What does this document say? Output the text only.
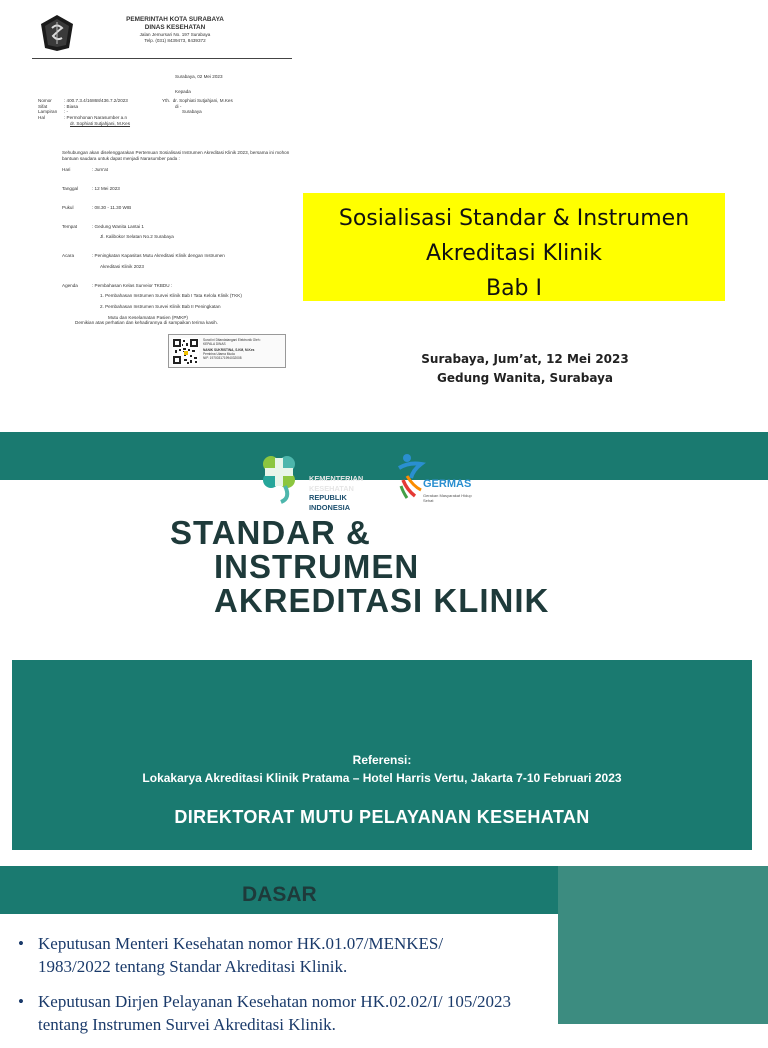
PEMERINTAH KOTA SURABAYA
DINAS KESEHATAN
Jalan Jemursari No. 197 Surabaya
Telp. (031) 8439473, 8439372
Surabaya, 02 Mei 2023
Kepada
Yth. dr. Sophiati Sutjahjani, M.Kes
di -
Surabaya
Nomor	: 400.7.3.4/16868/436.7.2/2023
Sifat	: Biasa
Lampiran	: -
Hal	: Permohonan Narasumber a.n
dr. Sophiati Sutjahjani, M.Kes
Sehubungan akan diselenggarakan Pertemuan Sosialisasi Instrumen Akreditasi Klinik 2023, bersama ini mohon bantuan saudara untuk dapat menjadi Narasumber pada :
Hari	: Jum'at
Tanggal	: 12 Mei 2023
Pukul	: 08.30 - 11.30 WIB
Tempat	: Gedung Wanita Lantai 1
Jl. Kalibokor Selatan No.2 Surabaya
Acara	: Peningkatan Kapasitas Mutu Akreditasi Klinik dengan Instrumen
Akreditasi Klinik 2023
Agenda	: Pembahasan Kelas Surveior TKBDU :
1. Pembahasan Instrumen Survei Klinik Bab I Tata Kelola Klinik (TKK)
2. Pembahasan Instrumen Survei Klinik Bab II Peningkatan
Mutu dan Keselamatan Pasien (PMKP)
Demikian atas perhatian dan kehadirannya di sampaikan terima kasih.
Surat ini Ditandatangani Elektronik Oleh :
KEPALA DINAS
NANIK SUKRISTINA, S.KM, M.Kes
Pembina Utama Muda
NIP. 197003171994032008
Sosialisasi Standar & Instrumen
Akreditasi Klinik
Bab I
Surabaya, Jum’at, 12 Mei 2023
Gedung Wanita, Surabaya
KEMENTERIAN
KESEHATAN
REPUBLIK
INDONESIA
GERMAS
Gerakan Masyarakat Hidup Sehat
STANDAR &
INSTRUMEN
AKREDITASI KLINIK
Referensi:
Lokakarya Akreditasi Klinik Pratama – Hotel Harris Vertu, Jakarta 7-10 Februari 2023
DIREKTORAT MUTU PELAYANAN KESEHATAN
DASAR
• Keputusan Menteri Kesehatan nomor HK.01.07/MENKES/ 1983/2022 tentang Standar Akreditasi Klinik.
• Keputusan Dirjen Pelayanan Kesehatan nomor HK.02.02/I/ 105/2023 tentang Instrumen Survei Akreditasi Klinik.
